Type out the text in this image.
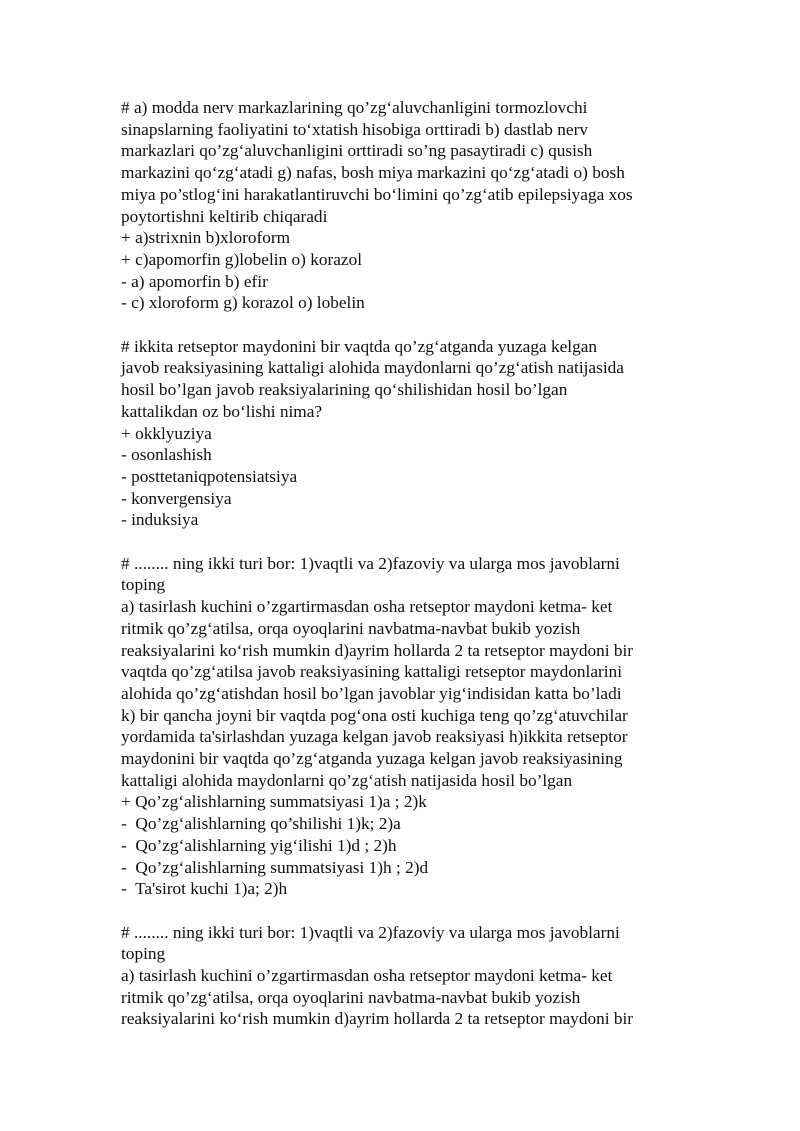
# a) modda nerv markazlarining qo’zg‘aluvchanligini tormozlovchi
sinapslarning faoliyatini to‘xtatish hisobiga orttiradi b) dastlab nerv
markazlari qo’zg‘aluvchanligini orttiradi so’ng pasaytiradi c) qusish
markazini qo‘zg‘atadi g) nafas, bosh miya markazini qo‘zg‘atadi o) bosh
miya po’stlog‘ini harakatlantiruvchi bo‘limini qo’zg‘atib epilepsiyaga xos
poytortishni keltirib chiqaradi
+ a)strixnin b)xloroform
+ c)apomorfin g)lobelin o) korazol
- a) apomorfin b) efir
- c) xloroform g) korazol o) lobelin
# ikkita retseptor maydonini bir vaqtda qo’zg‘atganda yuzaga kelgan
javob reaksiyasining kattaligi alohida maydonlarni qo’zg‘atish natijasida
hosil bo’lgan javob reaksiyalarining qo‘shilishidan hosil bo’lgan
kattalikdan oz bo‘lishi nima?
+ okklyuziya
- osonlashish
- posttetaniqpotensiatsiya
- konvergensiya
- induksiya
# ........ ning ikki turi bor: 1)vaqtli va 2)fazoviy va ularga mos javoblarni
toping
a) tasirlash kuchini o’zgartirmasdan osha retseptor maydoni ketma- ket
ritmik qo’zg‘atilsa, orqa oyoqlarini navbatma-navbat bukib yozish
reaksiyalarini ko‘rish mumkin d)ayrim hollarda 2 ta retseptor maydoni bir
vaqtda qo’zg‘atilsa javob reaksiyasining kattaligi retseptor maydonlarini
alohida qo’zg‘atishdan hosil bo’lgan javoblar yig‘indisidan katta bo’ladi
k) bir qancha joyni bir vaqtda pog‘ona osti kuchiga teng qo’zg‘atuvchilar
yordamida ta'sirlashdan yuzaga kelgan javob reaksiyasi h)ikkita retseptor
maydonini bir vaqtda qo’zg‘atganda yuzaga kelgan javob reaksiyasining
kattaligi alohida maydonlarni qo’zg‘atish natijasida hosil bo’lgan
+ Qo’zg‘alishlarning summatsiyasi 1)a ; 2)k
-  Qo’zg‘alishlarning qo’shilishi 1)k; 2)a
-  Qo’zg‘alishlarning yig‘ilishi 1)d ; 2)h
-  Qo’zg‘alishlarning summatsiyasi 1)h ; 2)d
-  Ta'sirot kuchi 1)a; 2)h
# ........ ning ikki turi bor: 1)vaqtli va 2)fazoviy va ularga mos javoblarni
toping
a) tasirlash kuchini o’zgartirmasdan osha retseptor maydoni ketma- ket
ritmik qo’zg‘atilsa, orqa oyoqlarini navbatma-navbat bukib yozish
reaksiyalarini ko‘rish mumkin d)ayrim hollarda 2 ta retseptor maydoni bir
